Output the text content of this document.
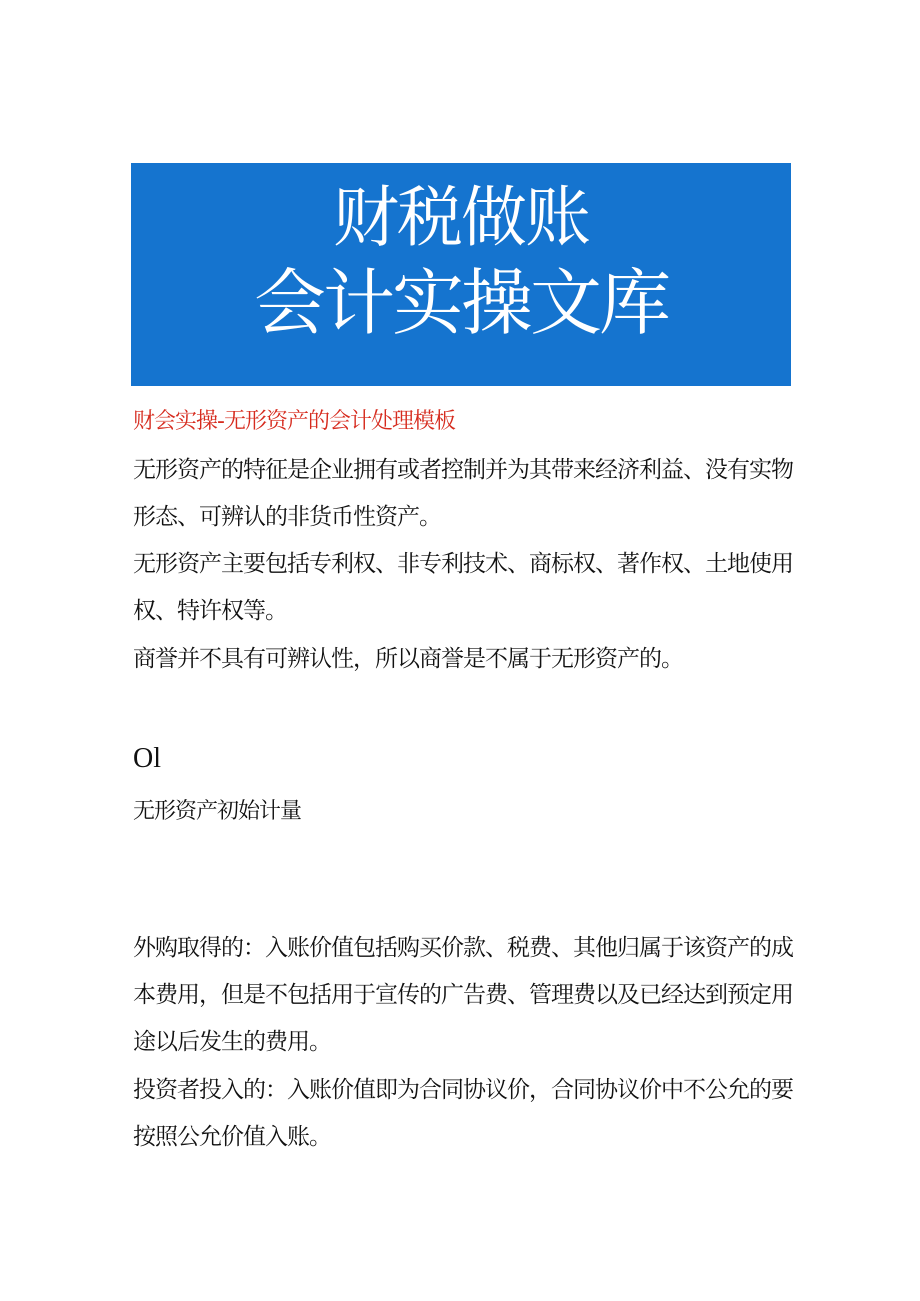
财税做账
会计实操文库
财会实操-无形资产的会计处理模板

无形资产的特征是企业拥有或者控制并为其带来经济利益、没有实物形态、可辨认的非货币性资产。

无形资产主要包括专利权、非专利技术、商标权、著作权、土地使用权、特许权等。

商誉并不具有可辨认性，所以商誉是不属于无形资产的。

Ol
无形资产初始计量

外购取得的：入账价值包括购买价款、税费、其他归属于该资产的成本费用，但是不包括用于宣传的广告费、管理费以及已经达到预定用途以后发生的费用。

投资者投入的：入账价值即为合同协议价，合同协议价中不公允的要按照公允价值入账。
